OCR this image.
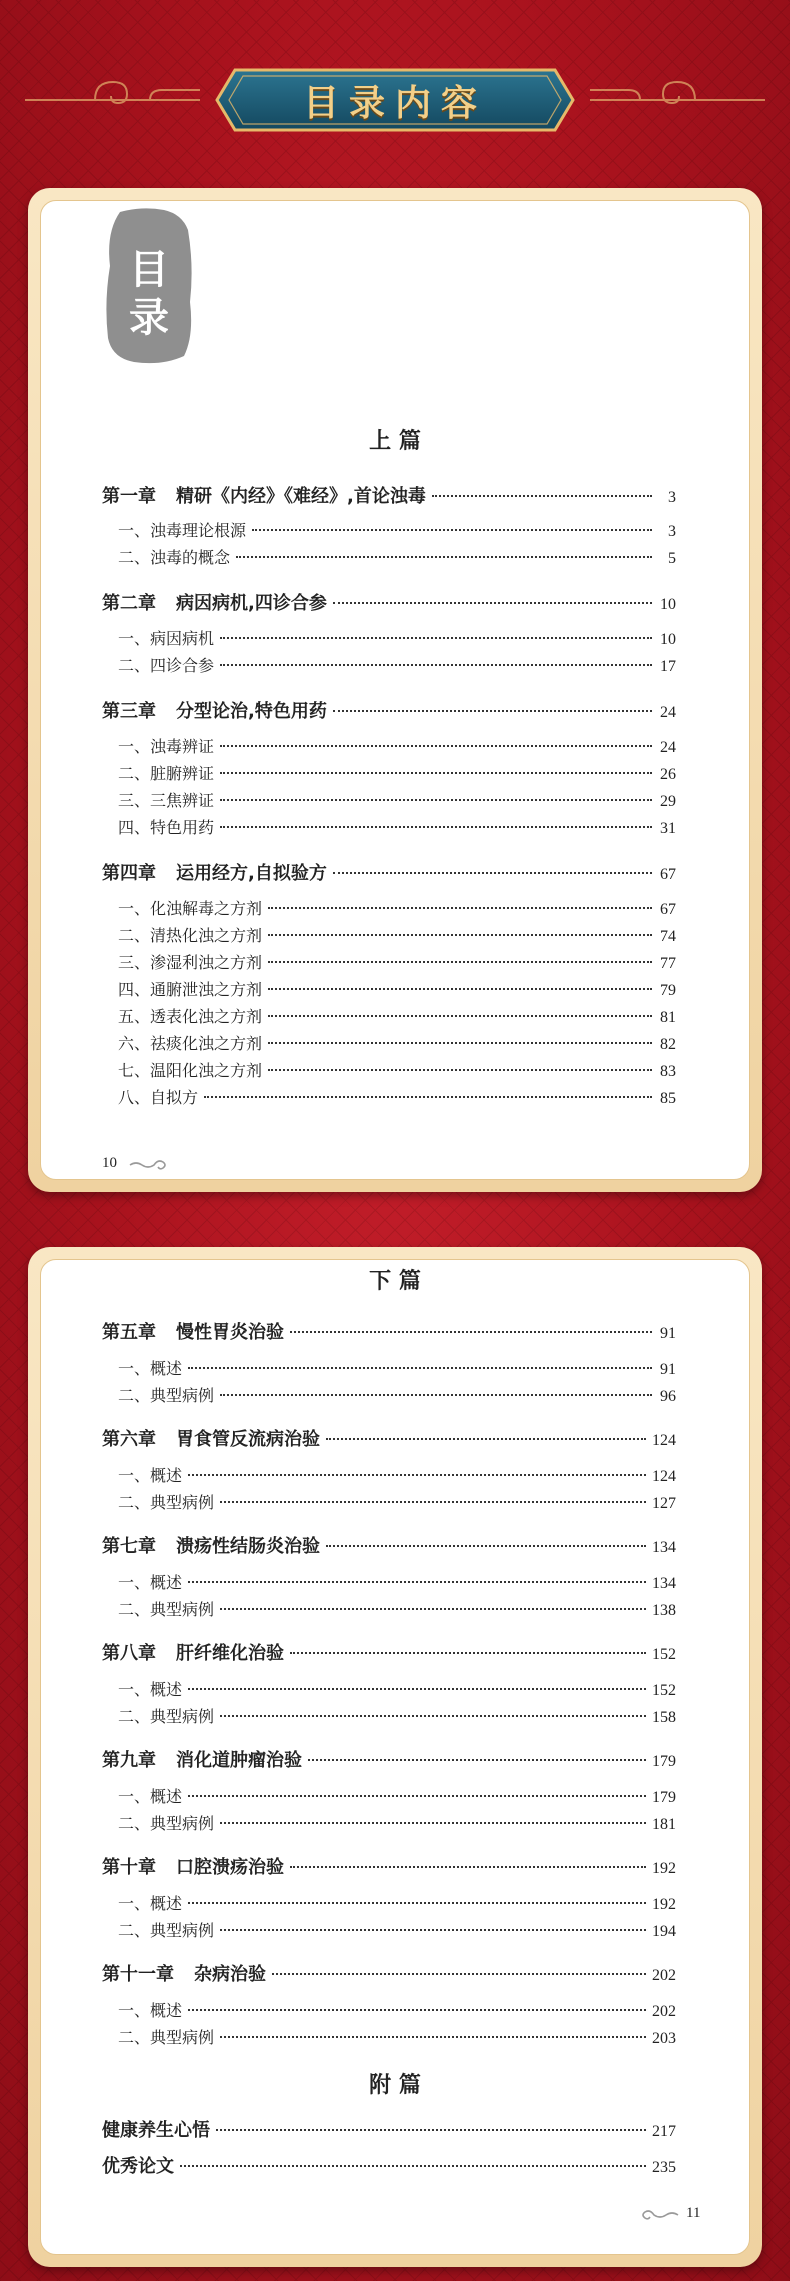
目录内容
目
录
上 篇
第一章 精研《内经》《难经》,首论浊毒	3
一、浊毒理论根源	3
二、浊毒的概念	5
第二章 病因病机,四诊合参	10
一、病因病机	10
二、四诊合参	17
第三章 分型论治,特色用药	24
一、浊毒辨证	24
二、脏腑辨证	26
三、三焦辨证	29
四、特色用药	31
第四章 运用经方,自拟验方	67
一、化浊解毒之方剂	67
二、清热化浊之方剂	74
三、渗湿利浊之方剂	77
四、通腑泄浊之方剂	79
五、透表化浊之方剂	81
六、祛痰化浊之方剂	82
七、温阳化浊之方剂	83
八、自拟方	85
10
下 篇
第五章 慢性胃炎治验	91
一、概述	91
二、典型病例	96
第六章 胃食管反流病治验	124
一、概述	124
二、典型病例	127
第七章 溃疡性结肠炎治验	134
一、概述	134
二、典型病例	138
第八章 肝纤维化治验	152
一、概述	152
二、典型病例	158
第九章 消化道肿瘤治验	179
一、概述	179
二、典型病例	181
第十章 口腔溃疡治验	192
一、概述	192
二、典型病例	194
第十一章 杂病治验	202
一、概述	202
二、典型病例	203
附 篇
健康养生心悟	217
优秀论文	235
11
